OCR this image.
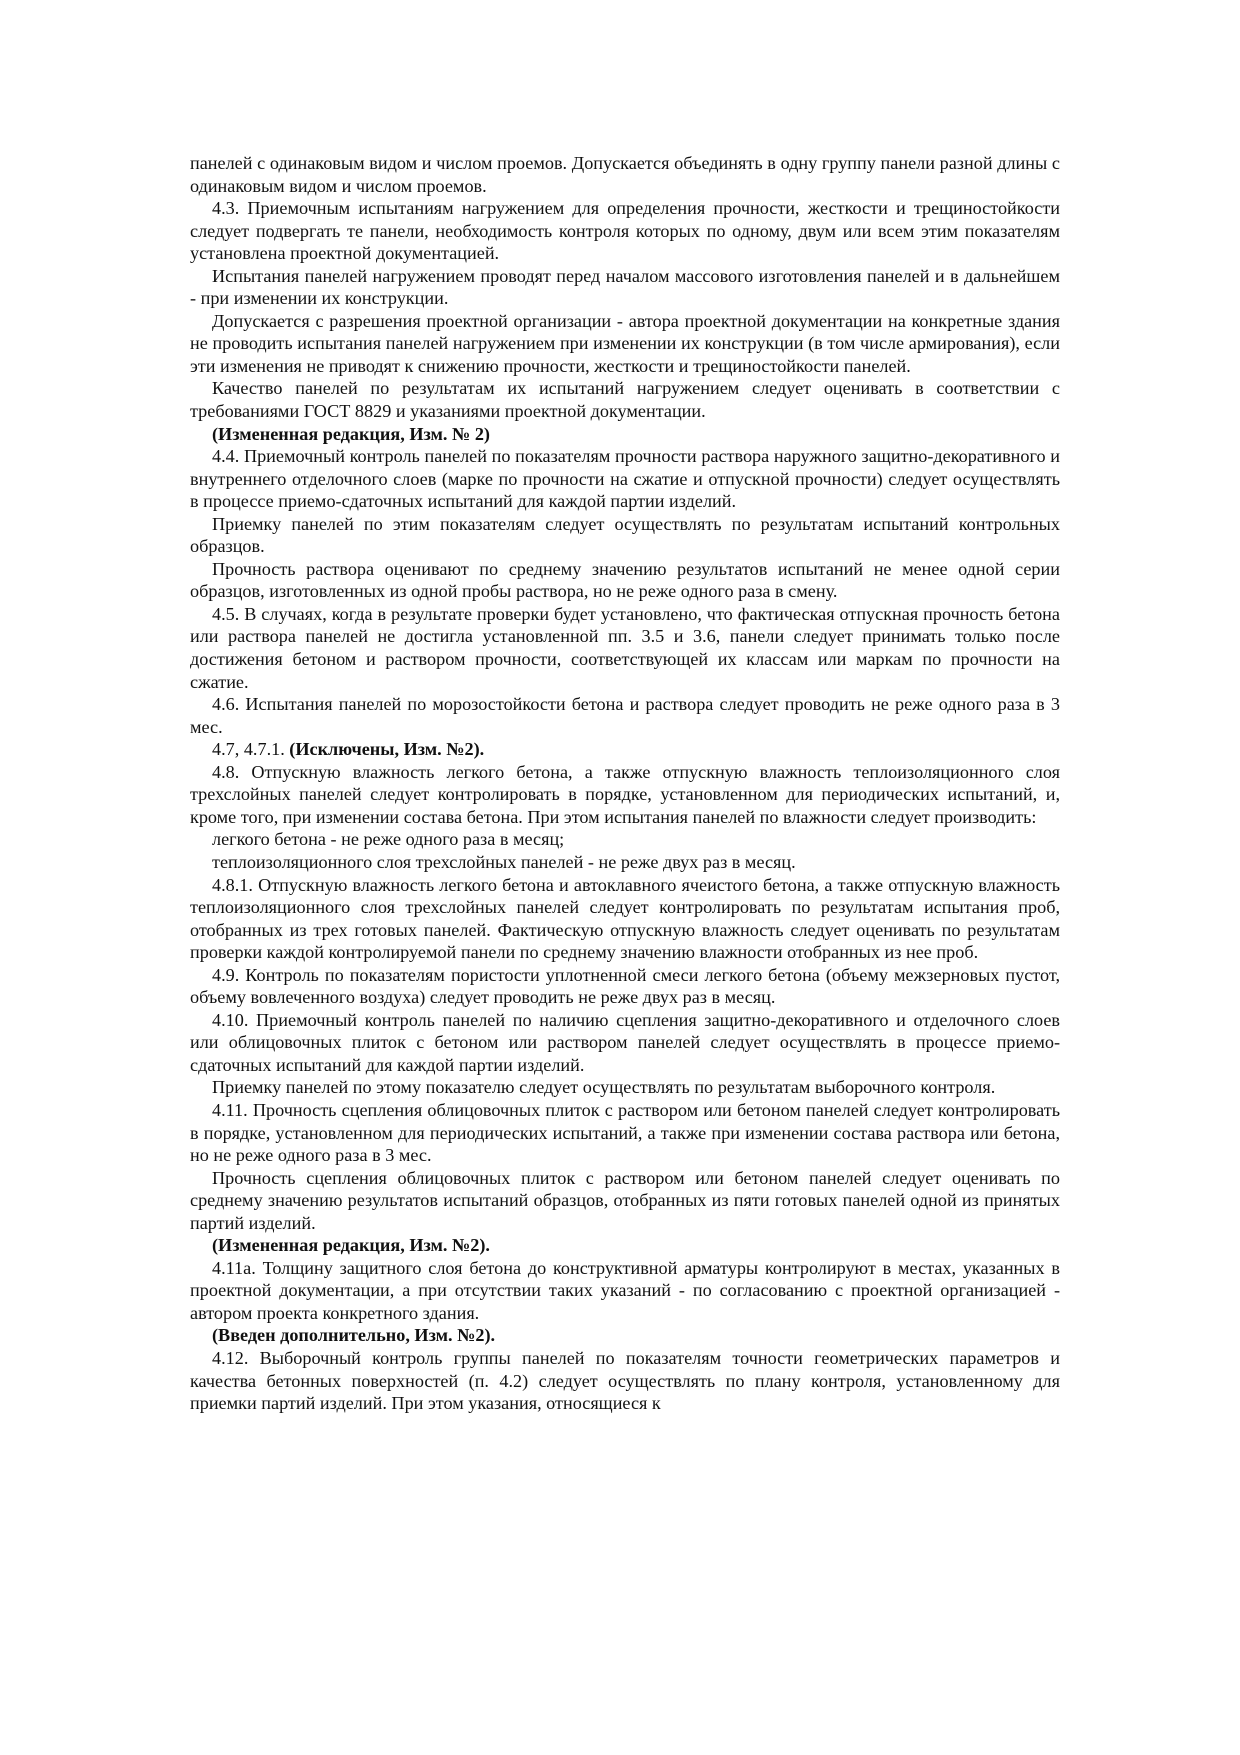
панелей с одинаковым видом и числом проемов. Допускается объединять в одну группу панели разной длины с одинаковым видом и числом проемов.

4.3. Приемочным испытаниям нагружением для определения прочности, жесткости и трещиностойкости следует подвергать те панели, необходимость контроля которых по одному, двум или всем этим показателям установлена проектной документацией.

Испытания панелей нагружением проводят перед началом массового изготовления панелей и в дальнейшем - при изменении их конструкции.

Допускается с разрешения проектной организации - автора проектной документации на конкретные здания не проводить испытания панелей нагружением при изменении их конструкции (в том числе армирования), если эти изменения не приводят к снижению прочности, жесткости и трещиностойкости панелей.

Качество панелей по результатам их испытаний нагружением следует оценивать в соответствии с требованиями ГОСТ 8829 и указаниями проектной документации.

(Измененная редакция, Изм. № 2)

4.4. Приемочный контроль панелей по показателям прочности раствора наружного защитно-декоративного и внутреннего отделочного слоев (марке по прочности на сжатие и отпускной прочности) следует осуществлять в процессе приемо-сдаточных испытаний для каждой партии изделий.

Приемку панелей по этим показателям следует осуществлять по результатам испытаний контрольных образцов.

Прочность раствора оценивают по среднему значению результатов испытаний не менее одной серии образцов, изготовленных из одной пробы раствора, но не реже одного раза в смену.

4.5. В случаях, когда в результате проверки будет установлено, что фактическая отпускная прочность бетона или раствора панелей не достигла установленной пп. 3.5 и 3.6, панели следует принимать только после достижения бетоном и раствором прочности, соответствующей их классам или маркам по прочности на сжатие.

4.6. Испытания панелей по морозостойкости бетона и раствора следует проводить не реже одного раза в 3 мес.

4.7, 4.7.1. (Исключены, Изм. №2).

4.8. Отпускную влажность легкого бетона, а также отпускную влажность теплоизоляционного слоя трехслойных панелей следует контролировать в порядке, установленном для периодических испытаний, и, кроме того, при изменении состава бетона. При этом испытания панелей по влажности следует производить:

легкого бетона - не реже одного раза в месяц;

теплоизоляционного слоя трехслойных панелей - не реже двух раз в месяц.

4.8.1. Отпускную влажность легкого бетона и автоклавного ячеистого бетона, а также отпускную влажность теплоизоляционного слоя трехслойных панелей следует контролировать по результатам испытания проб, отобранных из трех готовых панелей. Фактическую отпускную влажность следует оценивать по результатам проверки каждой контролируемой панели по среднему значению влажности отобранных из нее проб.

4.9. Контроль по показателям пористости уплотненной смеси легкого бетона (объему межзерновых пустот, объему вовлеченного воздуха) следует проводить не реже двух раз в месяц.

4.10. Приемочный контроль панелей по наличию сцепления защитно-декоративного и отделочного слоев или облицовочных плиток с бетоном или раствором панелей следует осуществлять в процессе приемо-сдаточных испытаний для каждой партии изделий.

Приемку панелей по этому показателю следует осуществлять по результатам выборочного контроля.

4.11. Прочность сцепления облицовочных плиток с раствором или бетоном панелей следует контролировать в порядке, установленном для периодических испытаний, а также при изменении состава раствора или бетона, но не реже одного раза в 3 мес.

Прочность сцепления облицовочных плиток с раствором или бетоном панелей следует оценивать по среднему значению результатов испытаний образцов, отобранных из пяти готовых панелей одной из принятых партий изделий.

(Измененная редакция, Изм. №2).

4.11а. Толщину защитного слоя бетона до конструктивной арматуры контролируют в местах, указанных в проектной документации, а при отсутствии таких указаний - по согласованию с проектной организацией - автором проекта конкретного здания.

(Введен дополнительно, Изм. №2).

4.12. Выборочный контроль группы панелей по показателям точности геометрических параметров и качества бетонных поверхностей (п. 4.2) следует осуществлять по плану контроля, установленному для приемки партий изделий. При этом указания, относящиеся к
